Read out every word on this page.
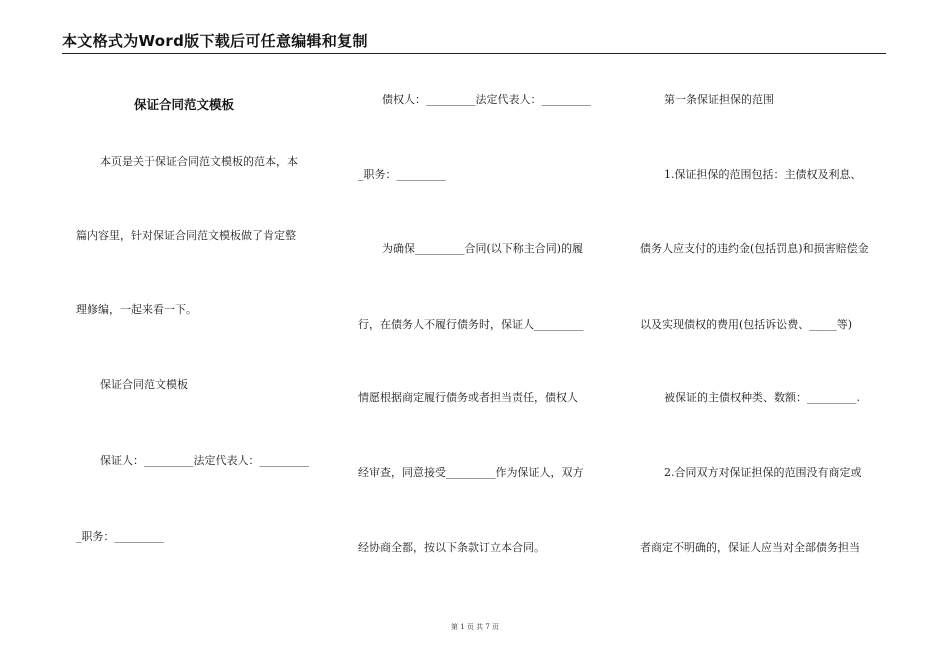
本文格式为Word版下载后可任意编辑和复制
保证合同范文模板
本页是关于保证合同范文模板的范本，本
篇内容里，针对保证合同范文模板做了肯定整
理修编，一起来看一下。
保证合同范文模板
保证人：_________法定代表人：_________
_职务：_________
债权人：_________法定代表人：_________
_职务：_________
为确保_________合同(以下称主合同)的履
行，在债务人不履行债务时，保证人_________
情愿根据商定履行债务或者担当责任，债权人
经审查，同意接受_________作为保证人，双方
经协商全都，按以下条款订立本合同。
第一条保证担保的范围
1.保证担保的范围包括：主债权及利息、
债务人应支付的违约金(包括罚息)和损害赔偿金
以及实现债权的费用(包括诉讼费、_____等)
被保证的主债权种类、数额：_________.
2.合同双方对保证担保的范围没有商定或
者商定不明确的，保证人应当对全部债务担当
第 1 页 共 7 页
